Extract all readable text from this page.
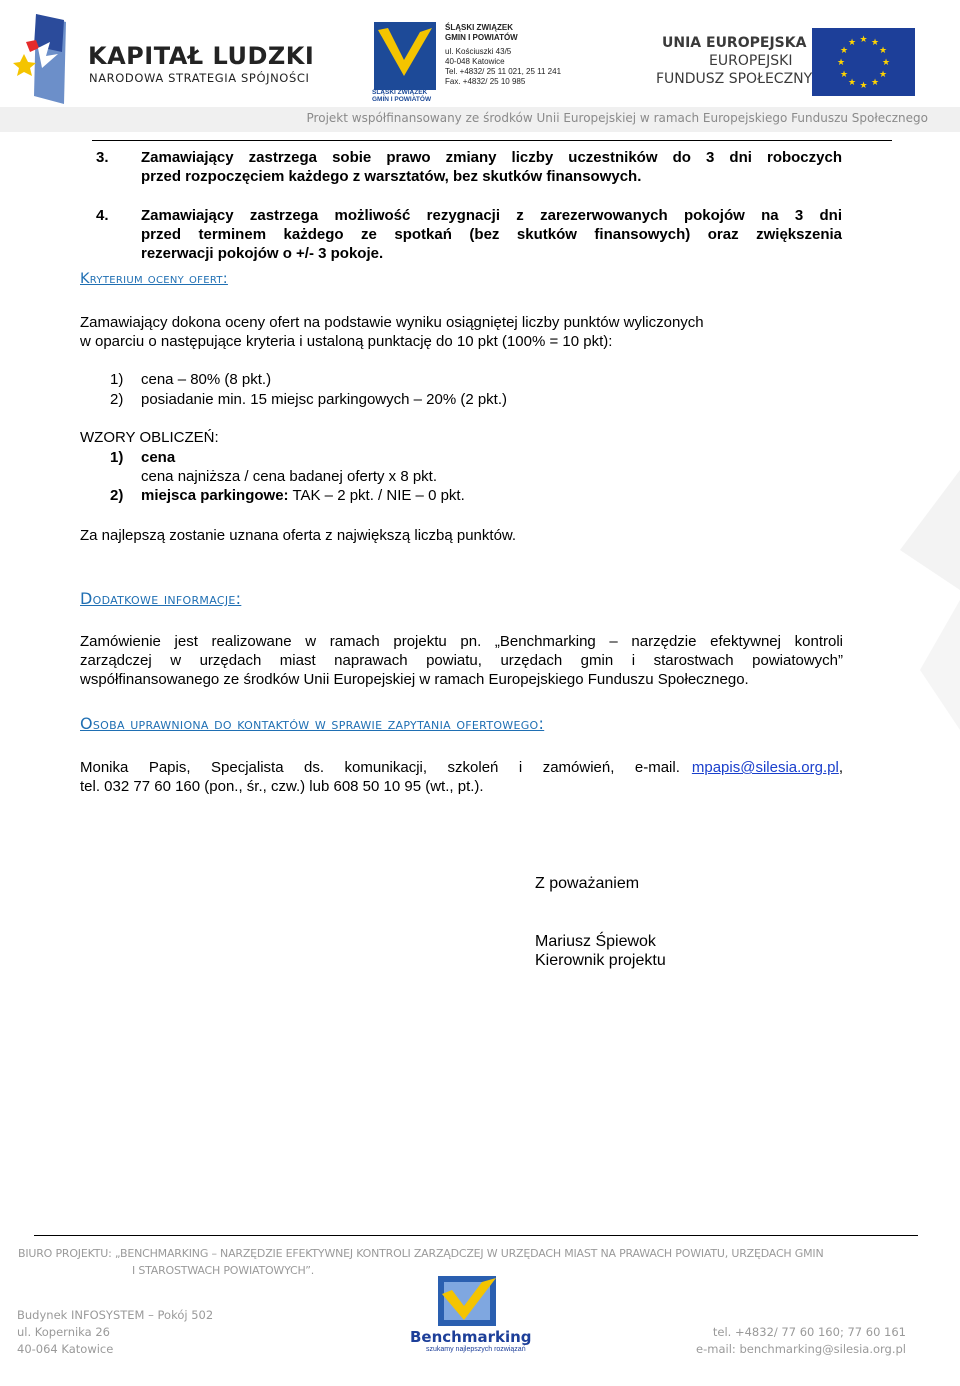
KAPITAŁ LUDZKI
NARODOWA STRATEGIA SPÓJNOŚCI
ŚLĄSKI ZWIĄZEK
GMIN I POWIATÓW
ŚLĄSKI ZWIĄZEK
GMIN I POWIATÓW
ul. Kościuszki 43/5
40-048 Katowice
Tel. +4832/ 25 11 021, 25 11 241
Fax. +4832/ 25 10 985
UNIA EUROPEJSKA
EUROPEJSKI
FUNDUSZ SPOŁECZNY
★ ★
★
★
★
★
★
★
★
★
★
★
Projekt współfinansowany ze środków Unii Europejskiej w ramach Europejskiego Funduszu Społecznego
3. Zamawiający zastrzega sobie prawo zmiany liczby uczestników do 3 dni roboczych
przed rozpoczęciem każdego z warsztatów, bez skutków finansowych.
4. Zamawiający zastrzega możliwość rezygnacji z zarezerwowanych pokojów na 3 dni
przed terminem każdego ze spotkań (bez skutków finansowych) oraz zwiększenia
rezerwacji pokojów o +/- 3 pokoje.
Kryterium oceny ofert:
Zamawiający dokona oceny ofert na podstawie wyniku osiągniętej liczby punktów wyliczonych
w oparciu o następujące kryteria i ustaloną punktację do 10 pkt (100% = 10 pkt):
1) cena – 80% (8 pkt.)
2) posiadanie min. 15 miejsc parkingowych – 20% (2 pkt.)
WZORY OBLICZEŃ:
1) cena
cena najniższa / cena badanej oferty x 8 pkt.
2) miejsca parkingowe: TAK – 2 pkt. / NIE – 0 pkt.
Za najlepszą zostanie uznana oferta z największą liczbą punktów.
Dodatkowe informacje:
Zamówienie jest realizowane w ramach projektu pn. „Benchmarking – narzędzie efektywnej kontroli
zarządczej w urzędach miast naprawach powiatu, urzędach gmin i starostwach powiatowych”
współfinansowanego ze środków Unii Europejskiej w ramach Europejskiego Funduszu Społecznego.
Osoba uprawniona do kontaktów w sprawie zapytania ofertowego:
Monika Papis, Specjalista ds. komunikacji, szkoleń i zamówień, e-mail. mpapis@silesia.org.pl,
tel. 032 77 60 160 (pon., śr., czw.) lub 608 50 10 95 (wt., pt.).
Z poważaniem
Mariusz Śpiewok
Kierownik projektu
BIURO PROJEKTU: „BENCHMARKING – NARZĘDZIE EFEKTYWNEJ KONTROLI ZARZĄDCZEJ W URZĘDACH MIAST NA PRAWACH POWIATU, URZĘDACH GMIN
I STAROSTWACH POWIATOWYCH”.
Budynek INFOSYSTEM – Pokój 502
ul. Kopernika 26
40-064 Katowice
Benchmarking
szukamy najlepszych rozwiązań
tel. +4832/ 77 60 160; 77 60 161
e-mail: benchmarking@silesia.org.pl
